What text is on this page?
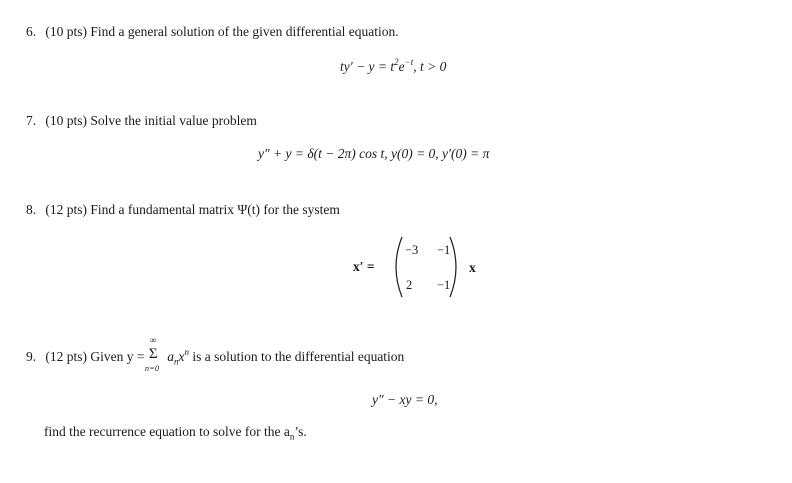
6. (10 pts) Find a general solution of the given differential equation.
$ty' - y = t^2e^{-t}$, t > 0
7. (10 pts) Solve the initial value problem
y″ + y = δ(t − 2π) cos t, y(0) = 0, y′(0) = π
8. (12 pts) Find a fundamental matrix Ψ(t) for the system
x′ =
−3 −1
2 −1
x
9. (12 pts) Given y =
∞
Σ
n=0
$a_nx^n$ is a solution to the differential equation
y″ − xy = 0,
find the recurrence equation to solve for the $a_n’s$.
